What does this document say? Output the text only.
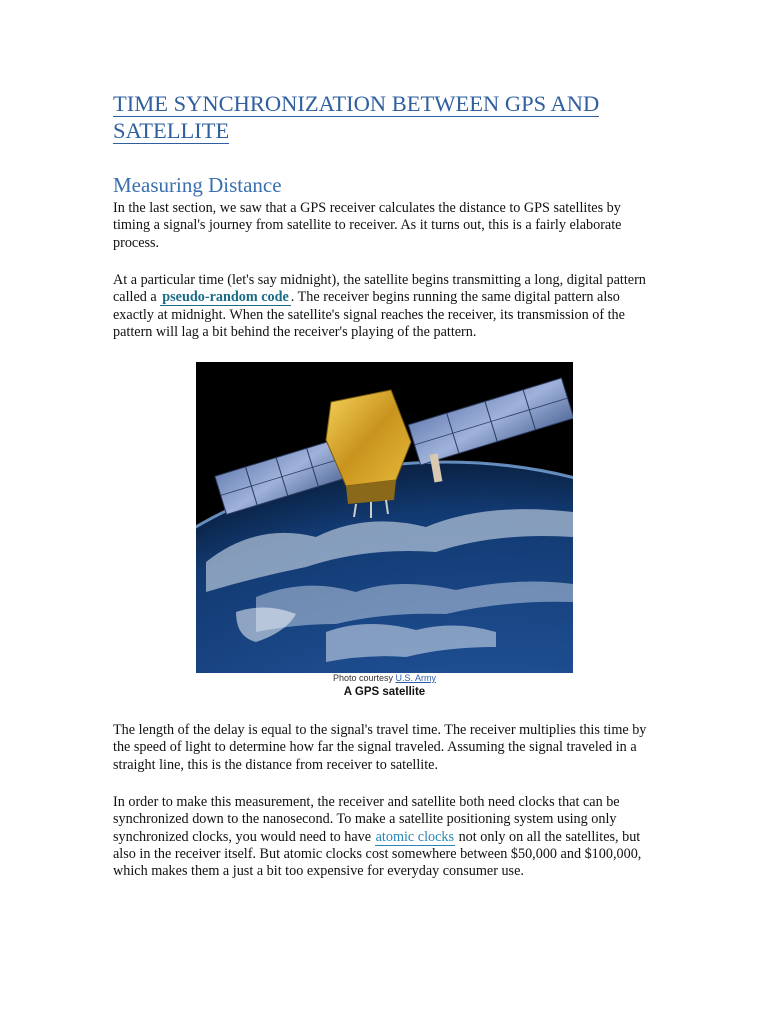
TIME SYNCHRONIZATION BETWEEN GPS AND SATELLITE
Measuring Distance

In the last section, we saw that a GPS receiver calculates the distance to GPS satellites by timing a signal's journey from satellite to receiver. As it turns out, this is a fairly elaborate process.

At a particular time (let's say midnight), the satellite begins transmitting a long, digital pattern called a pseudo-random code . The receiver begins running the same digital pattern also exactly at midnight. When the satellite's signal reaches the receiver, its transmission of the pattern will lag a bit behind the receiver's playing of the pattern.

Photo courtesy U.S. Army
A GPS satellite

The length of the delay is equal to the signal's travel time. The receiver multiplies this time by the speed of light to determine how far the signal traveled. Assuming the signal traveled in a straight line, this is the distance from receiver to satellite.

In order to make this measurement, the receiver and satellite both need clocks that can be synchronized down to the nanosecond. To make a satellite positioning system using only synchronized clocks, you would need to have atomic clocks not only on all the satellites, but also in the receiver itself. But atomic clocks cost somewhere between $50,000 and $100,000, which makes them a just a bit too expensive for everyday consumer use.
